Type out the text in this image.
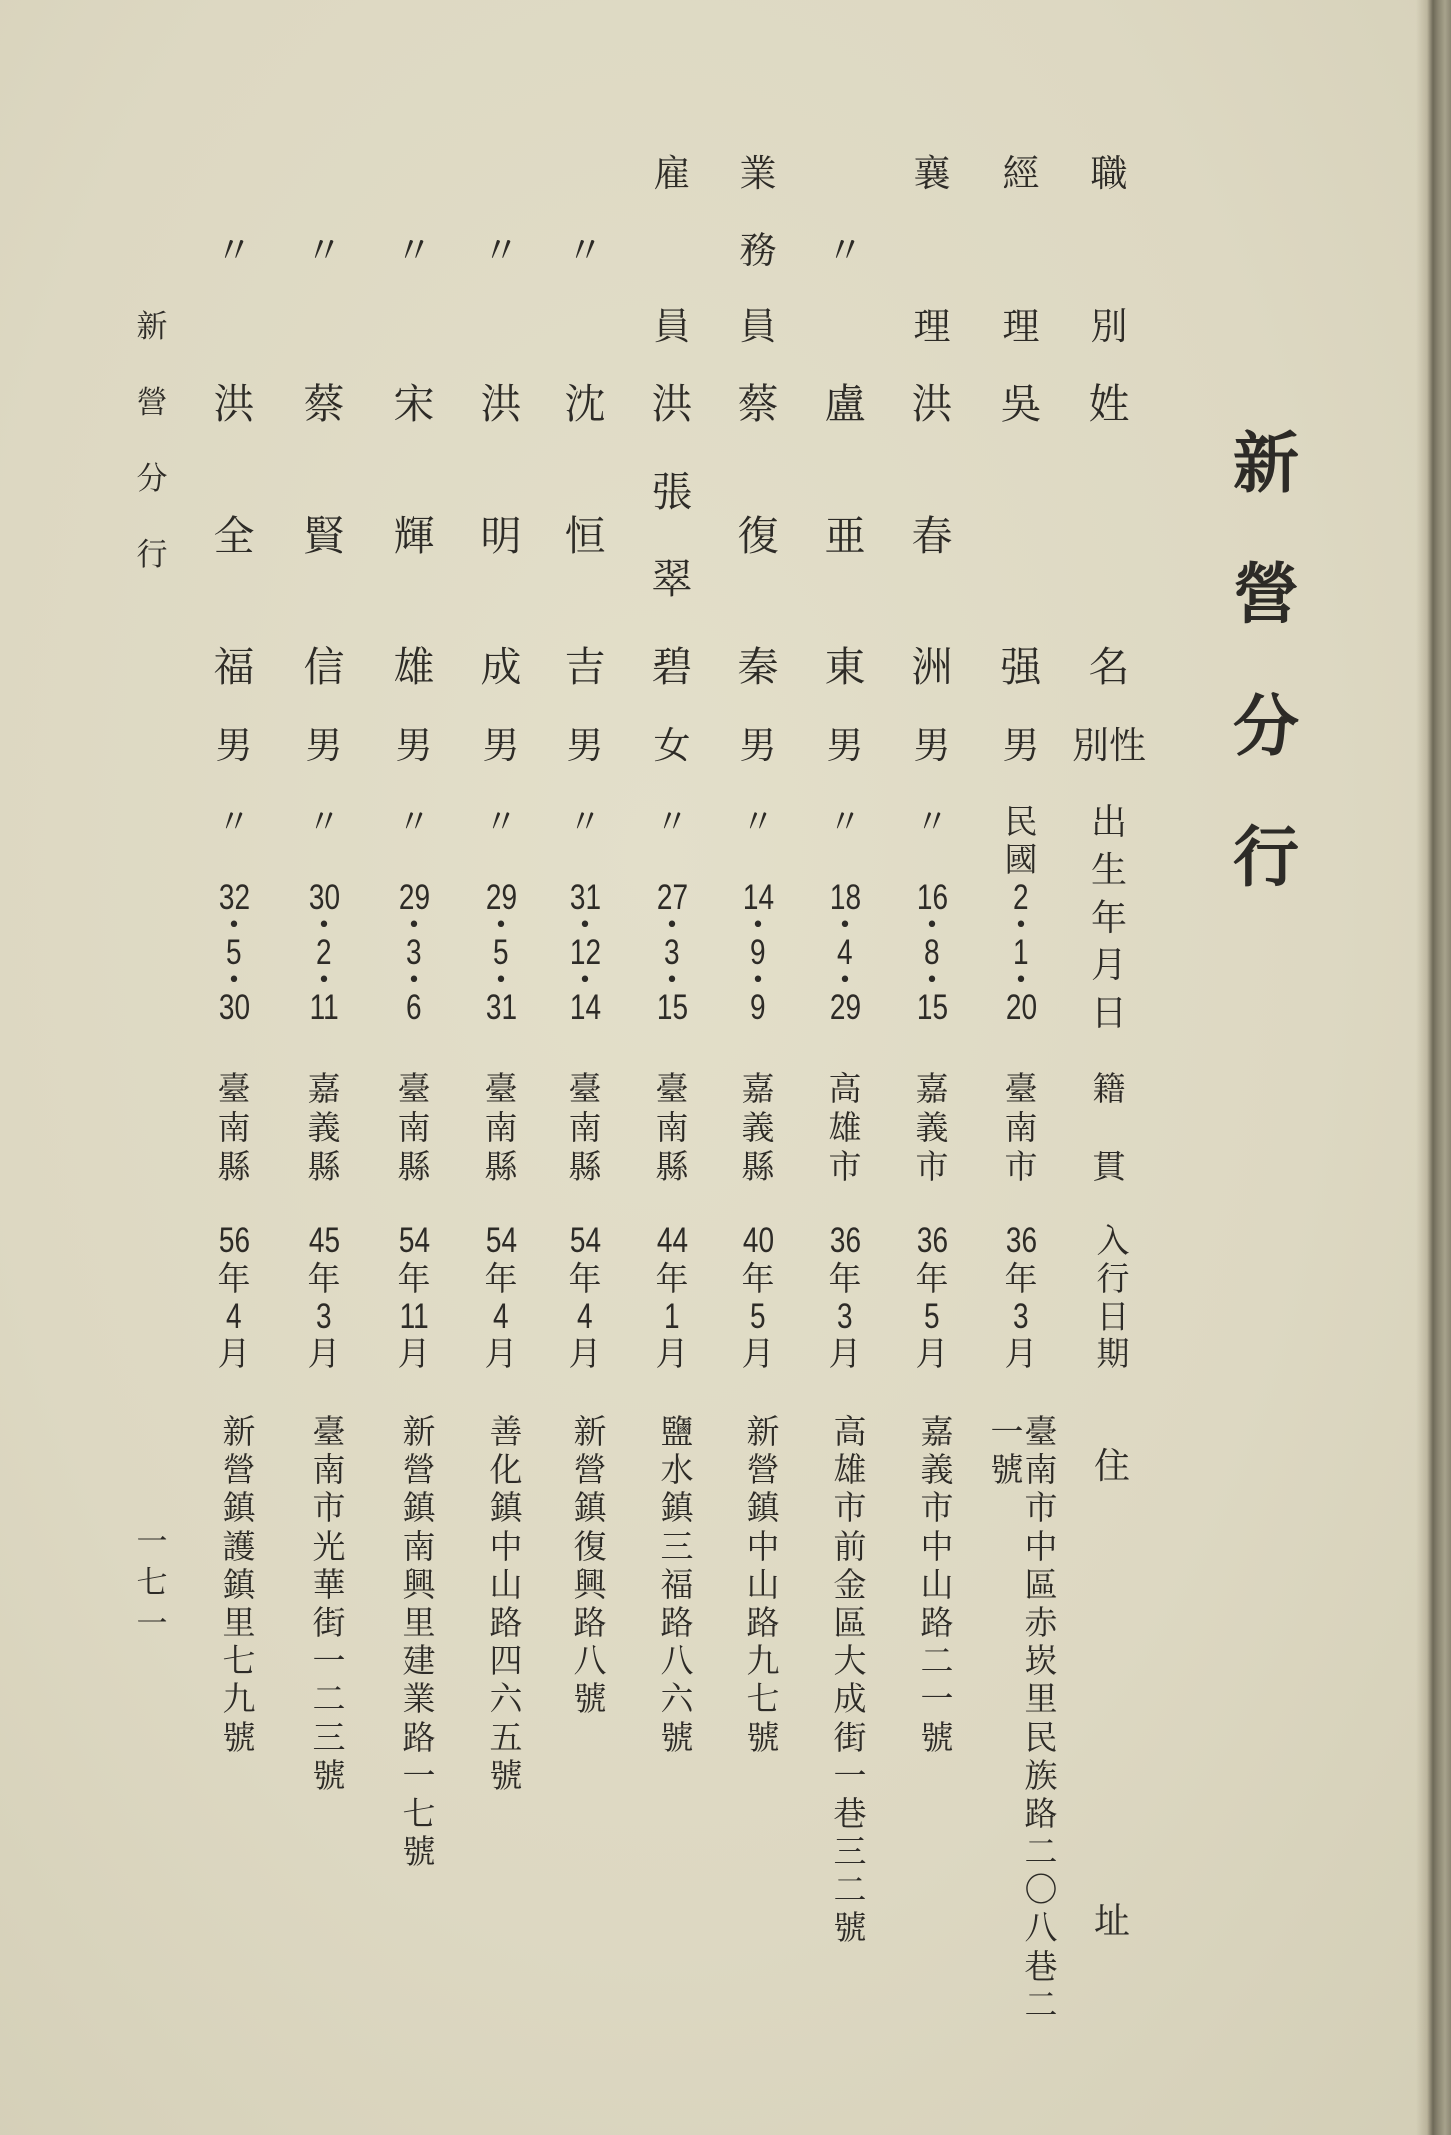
新
營
分
行
職
別
姓
名
性別
出
生
年
月
日
籍
貫
入
行
日
期
住
址
經
理
吳
强
男
民
國
2
•
1
•
20
臺
南
市
36
年
3
月
臺
南
市
中
區
赤
崁
里
民
族
路
二
〇
八
巷
二
一
號
襄
理
洪
春
洲
男
〃
16
•
8
•
15
嘉
義
市
36
年
5
月
嘉
義
市
中
山
路
二
一
號
〃
盧
亜
東
男
〃
18
•
4
•
29
高
雄
市
36
年
3
月
高
雄
市
前
金
區
大
成
街
一
巷
三
二
號
業
務
員
蔡
復
秦
男
〃
14
•
9
•
9
嘉
義
縣
40
年
5
月
新
營
鎮
中
山
路
九
七
號
雇
員
洪
張
翠
碧
女
〃
27
•
3
•
15
臺
南
縣
44
年
1
月
鹽
水
鎮
三
福
路
八
六
號
〃
沈
恒
吉
男
〃
31
•
12
•
14
臺
南
縣
54
年
4
月
新
營
鎮
復
興
路
八
號
〃
洪
明
成
男
〃
29
•
5
•
31
臺
南
縣
54
年
4
月
善
化
鎮
中
山
路
四
六
五
號
〃
宋
輝
雄
男
〃
29
•
3
•
6
臺
南
縣
54
年
11
月
新
營
鎮
南
興
里
建
業
路
一
七
號
〃
蔡
賢
信
男
〃
30
•
2
•
11
嘉
義
縣
45
年
3
月
臺
南
市
光
華
街
一
二
三
號
〃
洪
全
福
男
〃
32
•
5
•
30
臺
南
縣
56
年
4
月
新
營
鎮
護
鎮
里
七
九
號
新
營
分
行
一
七
一
